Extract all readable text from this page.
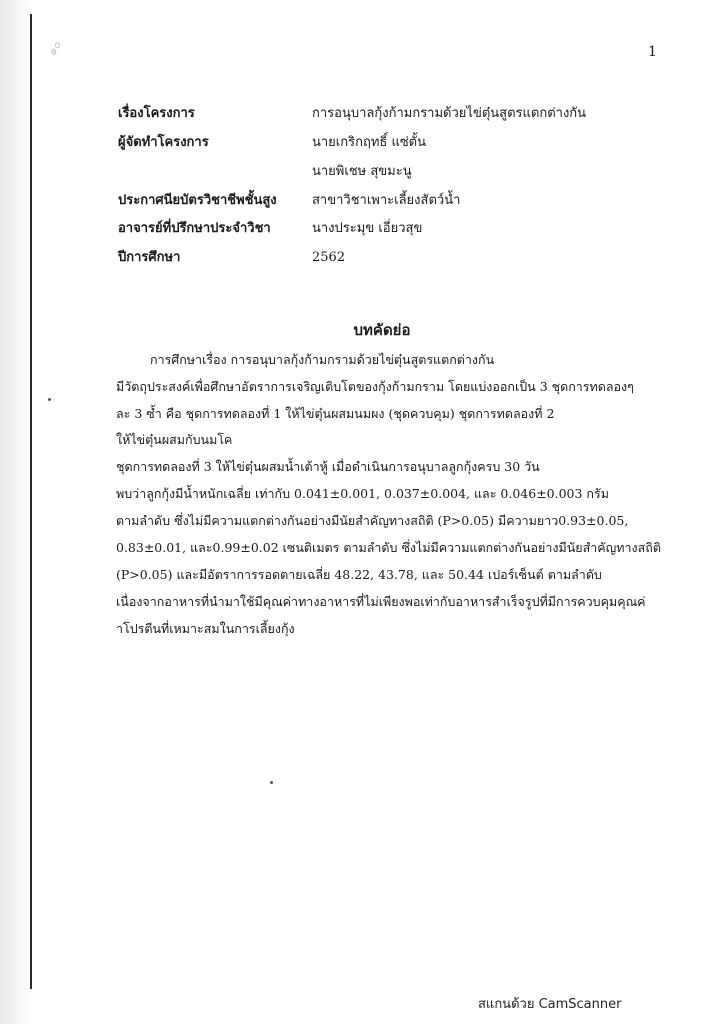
๑๐	1
เรื่องโครงการ	การอนุบาลกุ้งก้ามกรามด้วยไข่ตุ๋นสูตรแตกต่างกัน
ผู้จัดทำโครงการ	นายเกริกฤทธิ์ แซ่ตั้น
นายพิเชษ สุขมะนู
ประกาศนียบัตรวิชาชีพชั้นสูง	สาขาวิชาเพาะเลี้ยงสัตว์น้ำ
อาจารย์ที่ปรึกษาประจำวิชา	นางประมุข เอี่ยวสุข
ปีการศึกษา	2562
บทคัดย่อ
การศึกษาเรื่อง การอนุบาลกุ้งก้ามกรามด้วยไข่ตุ๋นสูตรแตกต่างกัน
มีวัตถุประสงค์เพื่อศึกษาอัตราการเจริญเติบโตของกุ้งก้ามกราม โดยแบ่งออกเป็น 3 ชุดการทดลองๆ
ละ 3 ซ้ำ คือ ชุดการทดลองที่ 1 ให้ไข่ตุ๋นผสมนมผง (ชุดควบคุม) ชุดการทดลองที่ 2
ให้ไข่ตุ๋นผสมกับนมโค
ชุดการทดลองที่ 3 ให้ไข่ตุ๋นผสมน้ำเต้าหู้ เมื่อดำเนินการอนุบาลลูกกุ้งครบ 30 วัน
พบว่าลูกกุ้งมีน้ำหนักเฉลี่ย เท่ากับ 0.041±0.001, 0.037±0.004, และ 0.046±0.003 กรัม
ตามลำดับ ซึ่งไม่มีความแตกต่างกันอย่างมีนัยสำคัญทางสถิติ (P>0.05) มีความยาว0.93±0.05,
0.83±0.01, และ0.99±0.02 เซนติเมตร ตามลำดับ ซึ่งไม่มีความแตกต่างกันอย่างมีนัยสำคัญทางสถิติ
(P>0.05) และมีอัตราการรอดตายเฉลี่ย 48.22, 43.78, และ 50.44 เปอร์เซ็นต์ ตามลำดับ
เนื่องจากอาหารที่นำมาใช้มีคุณค่าทางอาหารที่ไม่เพียงพอเท่ากับอาหารสำเร็จรูปที่มีการควบคุมคุณค่
าโปรตีนที่เหมาะสมในการเลี้ยงกุ้ง
สแกนด้วย CamScanner
